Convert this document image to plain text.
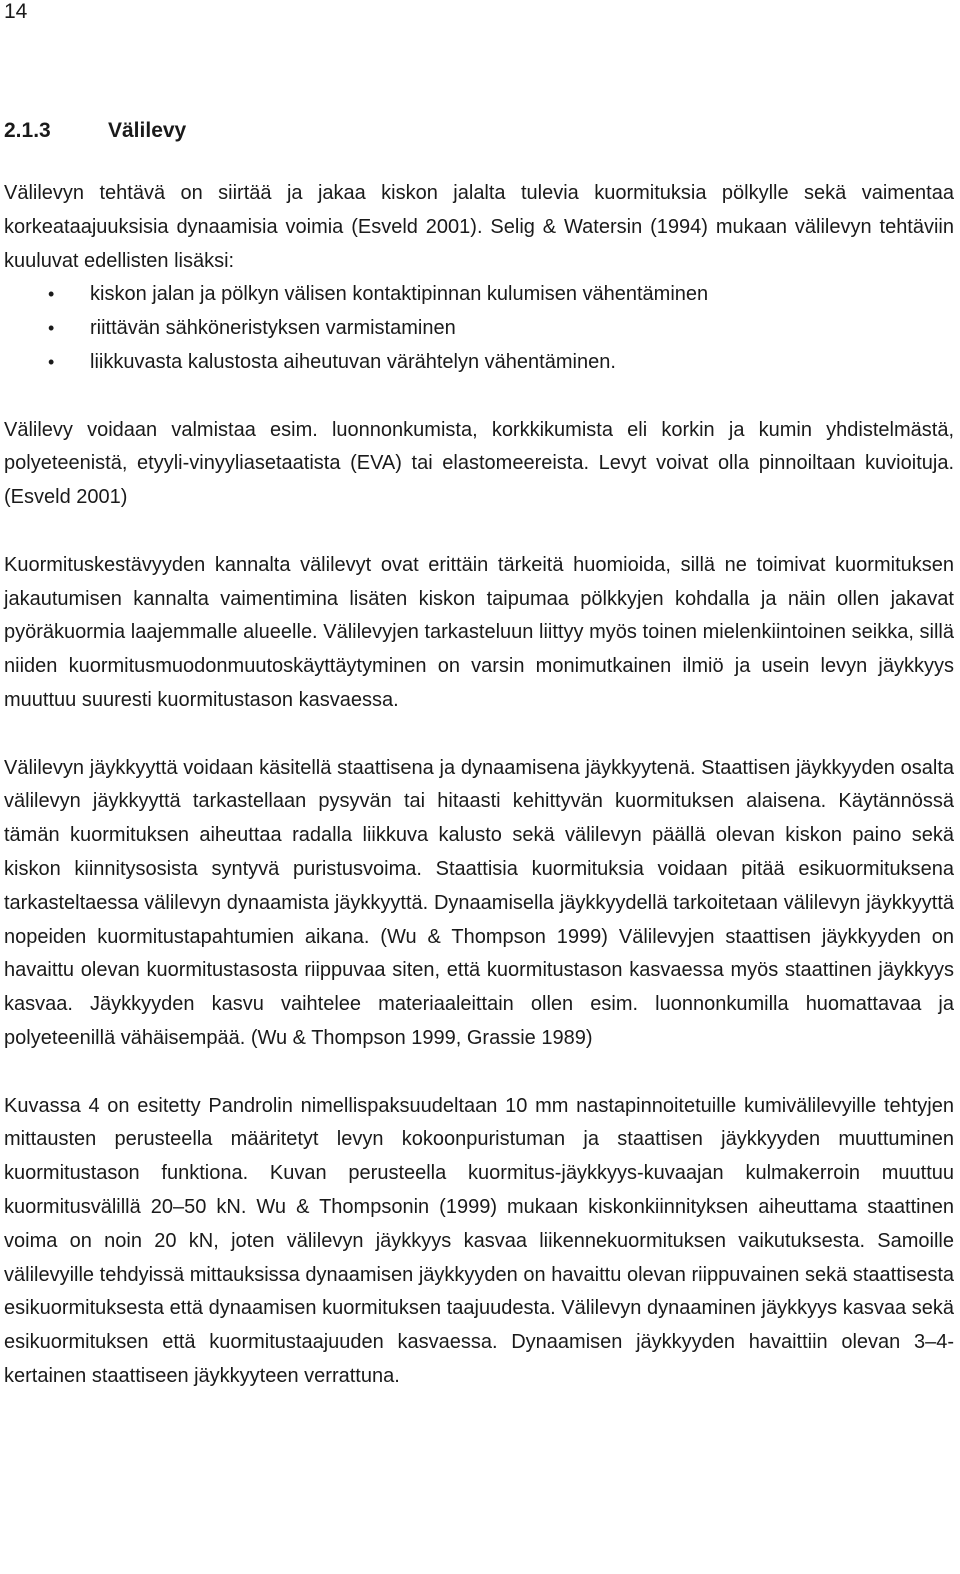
14
2.1.3	Välilevy

Välilevyn tehtävä on siirtää ja jakaa kiskon jalalta tulevia kuormituksia pölkylle sekä vaimentaa korkeataajuuksisia dynaamisia voimia (Esveld 2001). Selig & Watersin (1994) mukaan välilevyn tehtäviin kuuluvat edellisten lisäksi:

• kiskon jalan ja pölkyn välisen kontaktipinnan kulumisen vähentäminen
• riittävän sähköneristyksen varmistaminen
• liikkuvasta kalustosta aiheutuvan värähtelyn vähentäminen.

Välilevy voidaan valmistaa esim. luonnonkumista, korkkikumista eli korkin ja kumin yhdistelmästä, polyeteenistä, etyyli-vinyyliasetaatista (EVA) tai elastomeereista. Levyt voivat olla pinnoiltaan kuvioituja. (Esveld 2001)

Kuormituskestävyyden kannalta välilevyt ovat erittäin tärkeitä huomioida, sillä ne toimivat kuormituksen jakautumisen kannalta vaimentimina lisäten kiskon taipumaa pölkkyjen kohdalla ja näin ollen jakavat pyöräkuormia laajemmalle alueelle. Välilevyjen tarkasteluun liittyy myös toinen mielenkiintoinen seikka, sillä niiden kuormitusmuodonmuutoskäyttäytyminen on varsin monimutkainen ilmiö ja usein levyn jäykkyys muuttuu suuresti kuormitustason kasvaessa.

Välilevyn jäykkyyttä voidaan käsitellä staattisena ja dynaamisena jäykkyytenä. Staattisen jäykkyyden osalta välilevyn jäykkyyttä tarkastellaan pysyvän tai hitaasti kehittyvän kuormituksen alaisena. Käytännössä tämän kuormituksen aiheuttaa radalla liikkuva kalusto sekä välilevyn päällä olevan kiskon paino sekä kiskon kiinnitysosista syntyvä puristusvoima. Staattisia kuormituksia voidaan pitää esikuormituksena tarkasteltaessa välilevyn dynaamista jäykkyyttä. Dynaamisella jäykkyydellä tarkoitetaan välilevyn jäykkyyttä nopeiden kuormitustapahtumien aikana. (Wu & Thompson 1999) Välilevyjen staattisen jäykkyyden on havaittu olevan kuormitustasosta riippuvaa siten, että kuormitustason kasvaessa myös staattinen jäykkyys kasvaa. Jäykkyyden kasvu vaihtelee materiaaleittain ollen esim. luonnonkumilla huomattavaa ja polyeteenillä vähäisempää. (Wu & Thompson 1999, Grassie 1989)

Kuvassa 4 on esitetty Pandrolin nimellispaksuudeltaan 10 mm nastapinnoitetuille kumivälilevyille tehtyjen mittausten perusteella määritetyt levyn kokoonpuristuman ja staattisen jäykkyyden muuttuminen kuormitustason funktiona. Kuvan perusteella kuormitus-jäykkyys-kuvaajan kulmakerroin muuttuu kuormitusvälillä 20–50 kN. Wu & Thompsonin (1999) mukaan kiskonkiinnityksen aiheuttama staattinen voima on noin 20 kN, joten välilevyn jäykkyys kasvaa liikennekuormituksen vaikutuksesta. Samoille välilevyille tehdyissä mittauksissa dynaamisen jäykkyyden on havaittu olevan riippuvainen sekä staattisesta esikuormituksesta että dynaamisen kuormituksen taajuudesta. Välilevyn dynaaminen jäykkyys kasvaa sekä esikuormituksen että kuormitustaajuuden kasvaessa. Dynaamisen jäykkyyden havaittiin olevan 3–4-kertainen staattiseen jäykkyyteen verrattuna.
